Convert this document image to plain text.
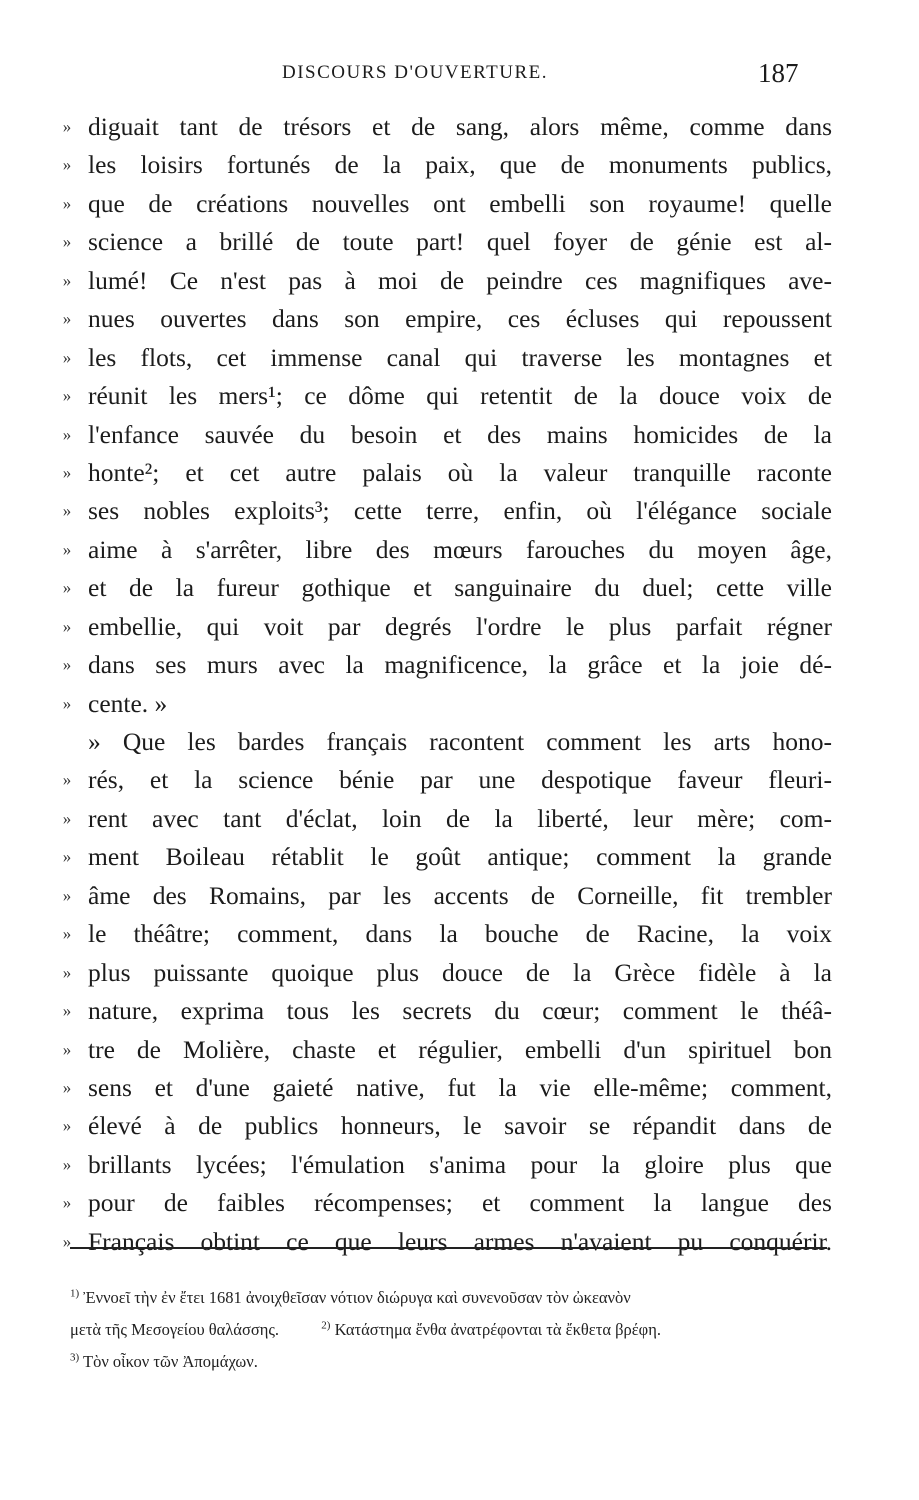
DISCOURS D'OUVERTURE.	187
» diguait tant de trésors et de sang, alors même, comme dans
» les loisirs fortunés de la paix, que de monuments publics,
» que de créations nouvelles ont embelli son royaume! quelle
» science a brillé de toute part! quel foyer de génie est al-
» lumé! Ce n'est pas à moi de peindre ces magnifiques ave-
» nues ouvertes dans son empire, ces écluses qui repoussent
» les flots, cet immense canal qui traverse les montagnes et
» réunit les mers¹; ce dôme qui retentit de la douce voix de
» l'enfance sauvée du besoin et des mains homicides de la
» honte²; et cet autre palais où la valeur tranquille raconte
» ses nobles exploits³; cette terre, enfin, où l'élégance sociale
» aime à s'arrêter, libre des mœurs farouches du moyen âge,
» et de la fureur gothique et sanguinaire du duel; cette ville
» embellie, qui voit par degrés l'ordre le plus parfait régner
» dans ses murs avec la magnificence, la grâce et la joie dé-
» cente. »
» Que les bardes français racontent comment les arts hono-
» rés, et la science bénie par une despotique faveur fleuri-
» rent avec tant d'éclat, loin de la liberté, leur mère; com-
» ment Boileau rétablit le goût antique; comment la grande
» âme des Romains, par les accents de Corneille, fit trembler
» le théâtre; comment, dans la bouche de Racine, la voix
» plus puissante quoique plus douce de la Grèce fidèle à la
» nature, exprima tous les secrets du cœur; comment le théâ-
» tre de Molière, chaste et régulier, embelli d'un spirituel bon
» sens et d'une gaieté native, fut la vie elle-même; comment,
» élevé à de publics honneurs, le savoir se répandit dans de
» brillants lycées; l'émulation s'anima pour la gloire plus que
» pour de faibles récompenses; et comment la langue des
» Français obtint ce que leurs armes n'avaient pu conquérir.
$^{1)}$ Ἐννοεῖ τὴν ἐν ἔτει 1681 ἀνοιχθεῖσαν νότιον διώρυγα καὶ συνενοῦσαν τὸν ὠκεανὸν
μετὰ τῆς Μεσογείου θαλάσσης.	$^{2)}$ Κατάστημα ἔνθα ἀνατρέφονται τὰ ἔκθετα βρέφη.
$^{3)}$ Τὸν οἶκον τῶν Ἀπομάχων.
